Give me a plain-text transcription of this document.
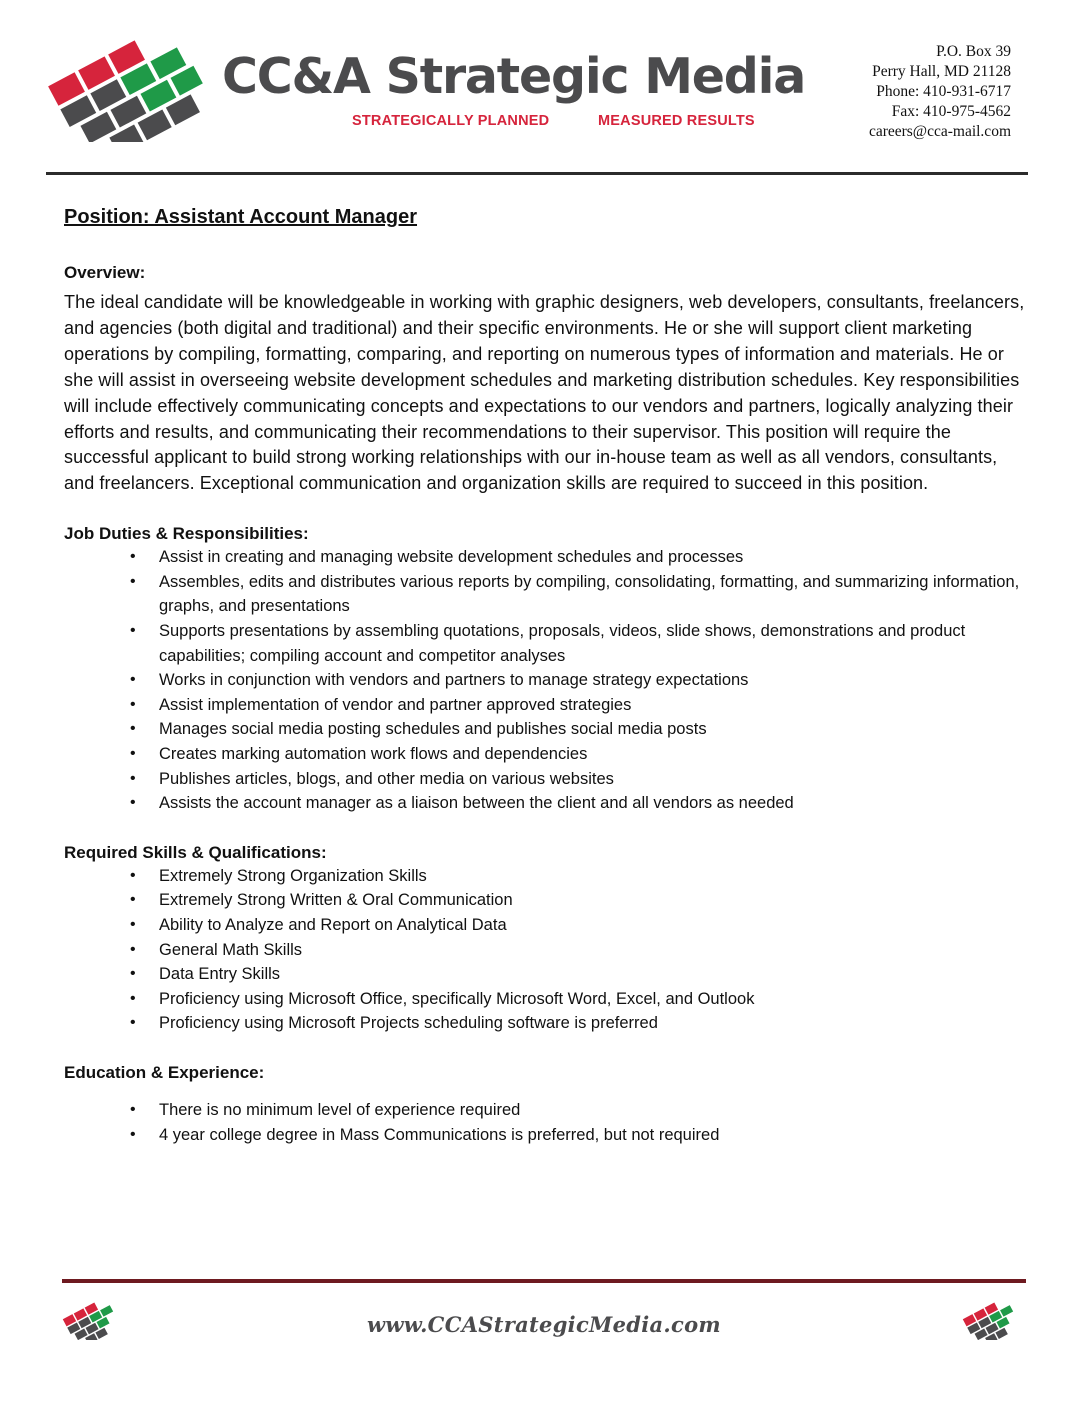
CC&A Strategic Media
STRATEGICALLY PLANNED	MEASURED RESULTS
P.O. Box 39
Perry Hall, MD 21128
Phone: 410-931-6717
Fax: 410-975-4562
careers@cca-mail.com
Position: Assistant Account Manager
Overview:

The ideal candidate will be knowledgeable in working with graphic designers, web developers, consultants, freelancers, and agencies (both digital and traditional) and their specific environments. He or she will support client marketing operations by compiling, formatting, comparing, and reporting on numerous types of information and materials. He or she will assist in overseeing website development schedules and marketing distribution schedules. Key responsibilities will include effectively communicating concepts and expectations to our vendors and partners, logically analyzing their efforts and results, and communicating their recommendations to their supervisor. This position will require the successful applicant to build strong working relationships with our in-house team as well as all vendors, consultants, and freelancers. Exceptional communication and organization skills are required to succeed in this position.

Job Duties & Responsibilities:
• Assist in creating and managing website development schedules and processes
• Assembles, edits and distributes various reports by compiling, consolidating, formatting, and summarizing information, graphs, and presentations
• Supports presentations by assembling quotations, proposals, videos, slide shows, demonstrations and product capabilities; compiling account and competitor analyses
• Works in conjunction with vendors and partners to manage strategy expectations
• Assist implementation of vendor and partner approved strategies
• Manages social media posting schedules and publishes social media posts
• Creates marking automation work flows and dependencies
• Publishes articles, blogs, and other media on various websites
• Assists the account manager as a liaison between the client and all vendors as needed
Required Skills & Qualifications:
• Extremely Strong Organization Skills
• Extremely Strong Written & Oral Communication
• Ability to Analyze and Report on Analytical Data
• General Math Skills
• Data Entry Skills
• Proficiency using Microsoft Office, specifically Microsoft Word, Excel, and Outlook
• Proficiency using Microsoft Projects scheduling software is preferred
Education & Experience:
• There is no minimum level of experience required
• 4 year college degree in Mass Communications is preferred, but not required
www.CCAStrategicMedia.com
